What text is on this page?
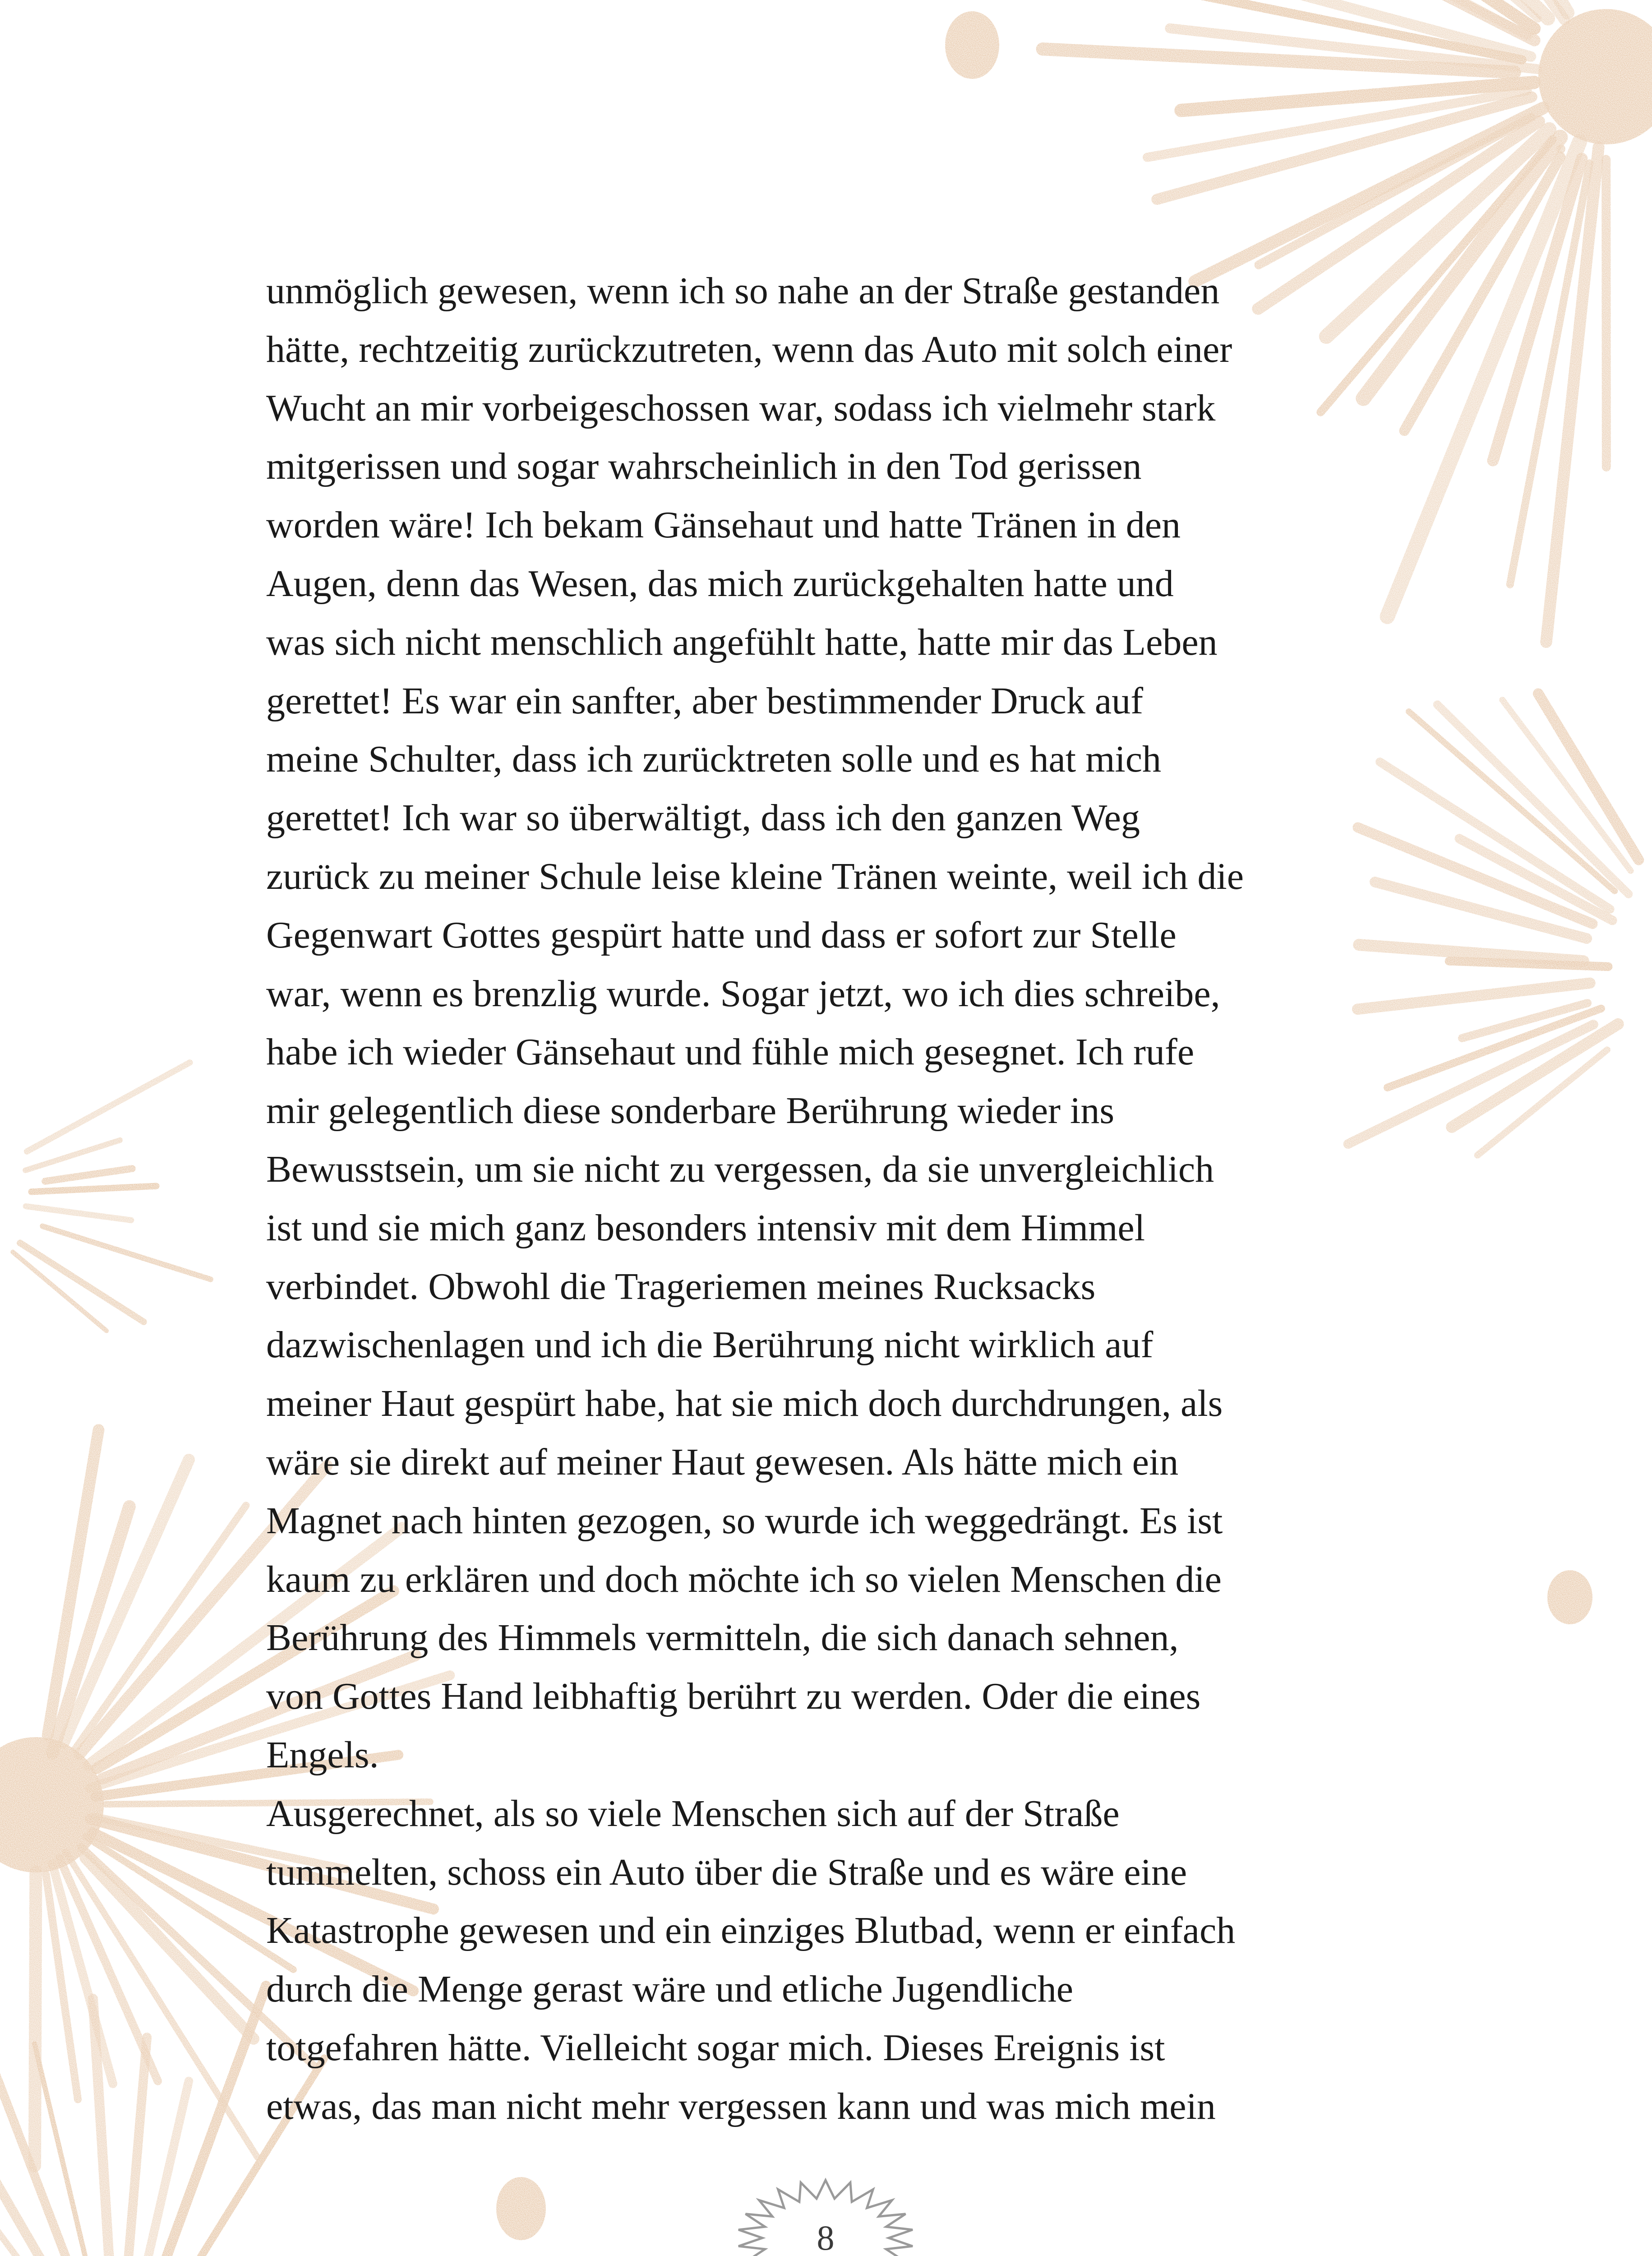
unmöglich gewesen, wenn ich so nahe an der Straße gestanden
hätte, rechtzeitig zurückzutreten, wenn das Auto mit solch einer
Wucht an mir vorbeigeschossen war, sodass ich vielmehr stark
mitgerissen und sogar wahrscheinlich in den Tod gerissen
worden wäre! Ich bekam Gänsehaut und hatte Tränen in den
Augen, denn das Wesen, das mich zurückgehalten hatte und
was sich nicht menschlich angefühlt hatte, hatte mir das Leben
gerettet! Es war ein sanfter, aber bestimmender Druck auf
meine Schulter, dass ich zurücktreten solle und es hat mich
gerettet! Ich war so überwältigt, dass ich den ganzen Weg
zurück zu meiner Schule leise kleine Tränen weinte, weil ich die
Gegenwart Gottes gespürt hatte und dass er sofort zur Stelle
war, wenn es brenzlig wurde. Sogar jetzt, wo ich dies schreibe,
habe ich wieder Gänsehaut und fühle mich gesegnet. Ich rufe
mir gelegentlich diese sonderbare Berührung wieder ins
Bewusstsein, um sie nicht zu vergessen, da sie unvergleichlich
ist und sie mich ganz besonders intensiv mit dem Himmel
verbindet. Obwohl die Trageriemen meines Rucksacks
dazwischenlagen und ich die Berührung nicht wirklich auf
meiner Haut gespürt habe, hat sie mich doch durchdrungen, als
wäre sie direkt auf meiner Haut gewesen. Als hätte mich ein
Magnet nach hinten gezogen, so wurde ich weggedrängt. Es ist
kaum zu erklären und doch möchte ich so vielen Menschen die
Berührung des Himmels vermitteln, die sich danach sehnen,
von Gottes Hand leibhaftig berührt zu werden. Oder die eines
Engels.
Ausgerechnet, als so viele Menschen sich auf der Straße
tummelten, schoss ein Auto über die Straße und es wäre eine
Katastrophe gewesen und ein einziges Blutbad, wenn er einfach
durch die Menge gerast wäre und etliche Jugendliche
totgefahren hätte. Vielleicht sogar mich. Dieses Ereignis ist
etwas, das man nicht mehr vergessen kann und was mich mein
8
